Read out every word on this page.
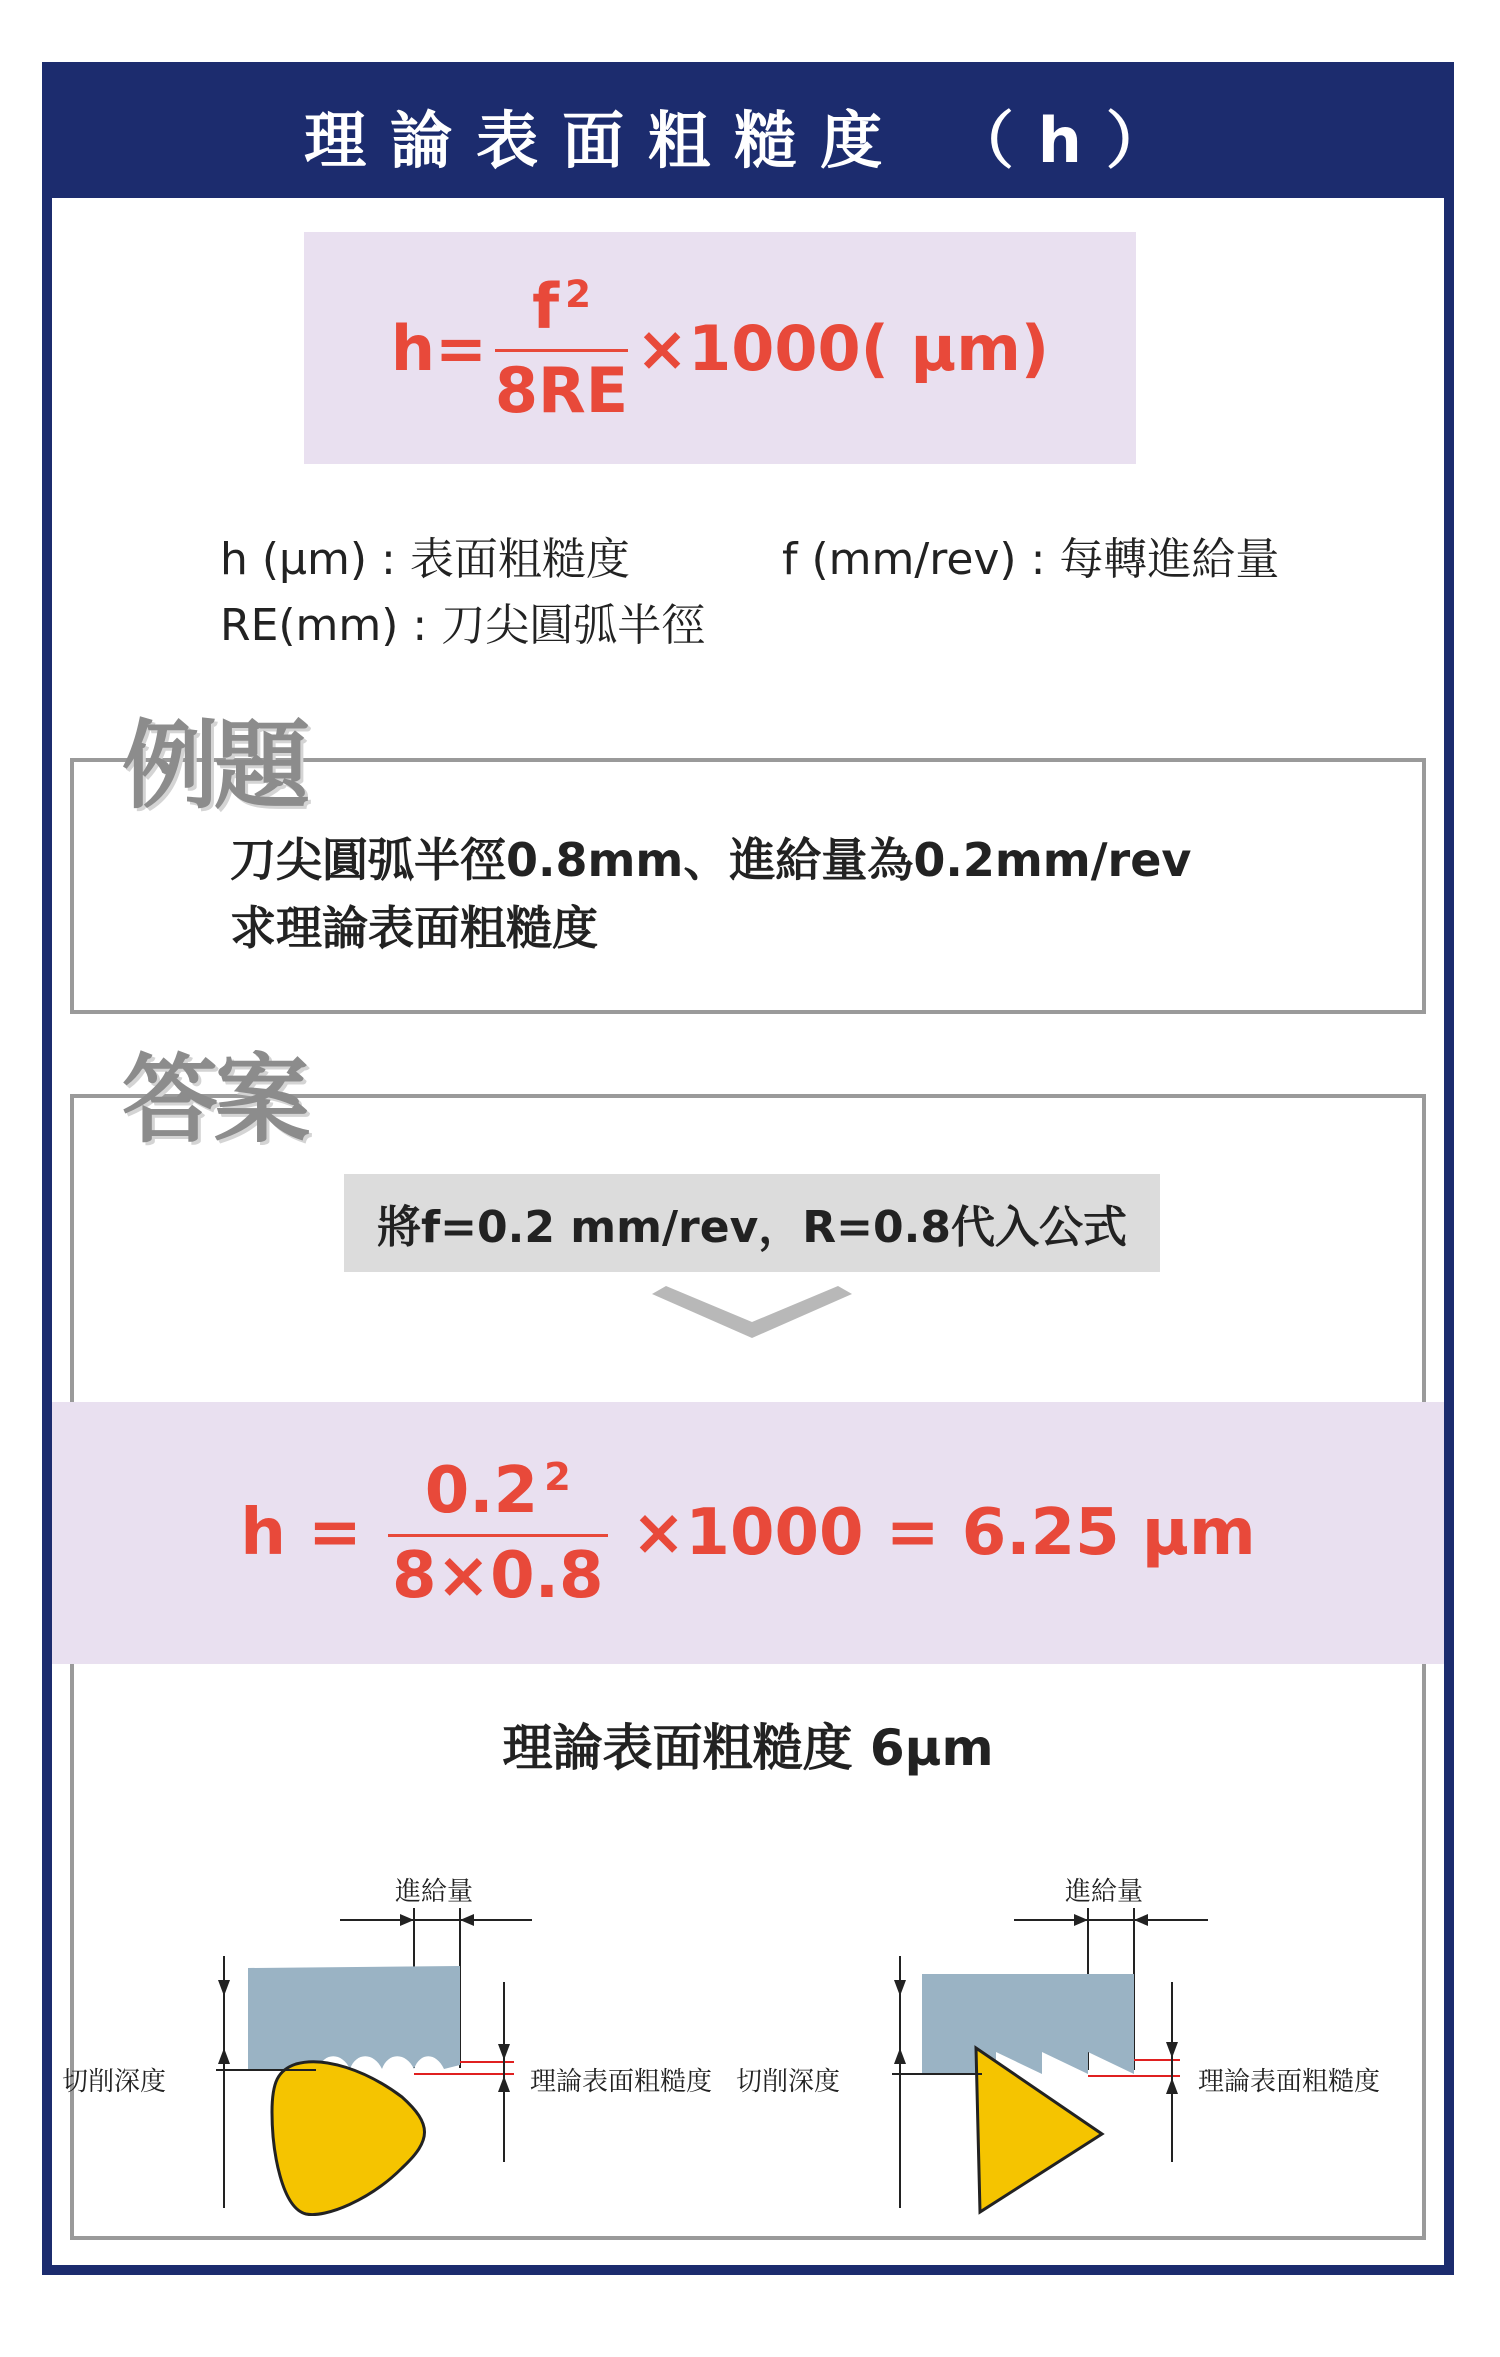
理論表面粗糙度 （h）
$h= \frac{f ^2}{8RE} \times 1000$( μm)
h (μm) : 表面粗糙度	f (mm/rev) : 每轉進給量
RE(mm) : 刀尖圓弧半徑
例題
刀尖圓弧半徑0.8mm、進給量為0.2mm/rev
求理論表面粗糙度
答案
將f=0.2 mm/rev，R=0.8代入公式
$h = \frac{0.2 ^2}{8\times 0.8} \times 1000 = 6.25$ μm
理論表面粗糙度 6μm
進給量
切削深度	理論表面粗糙度
進給量
切削深度	理論表面粗糙度
